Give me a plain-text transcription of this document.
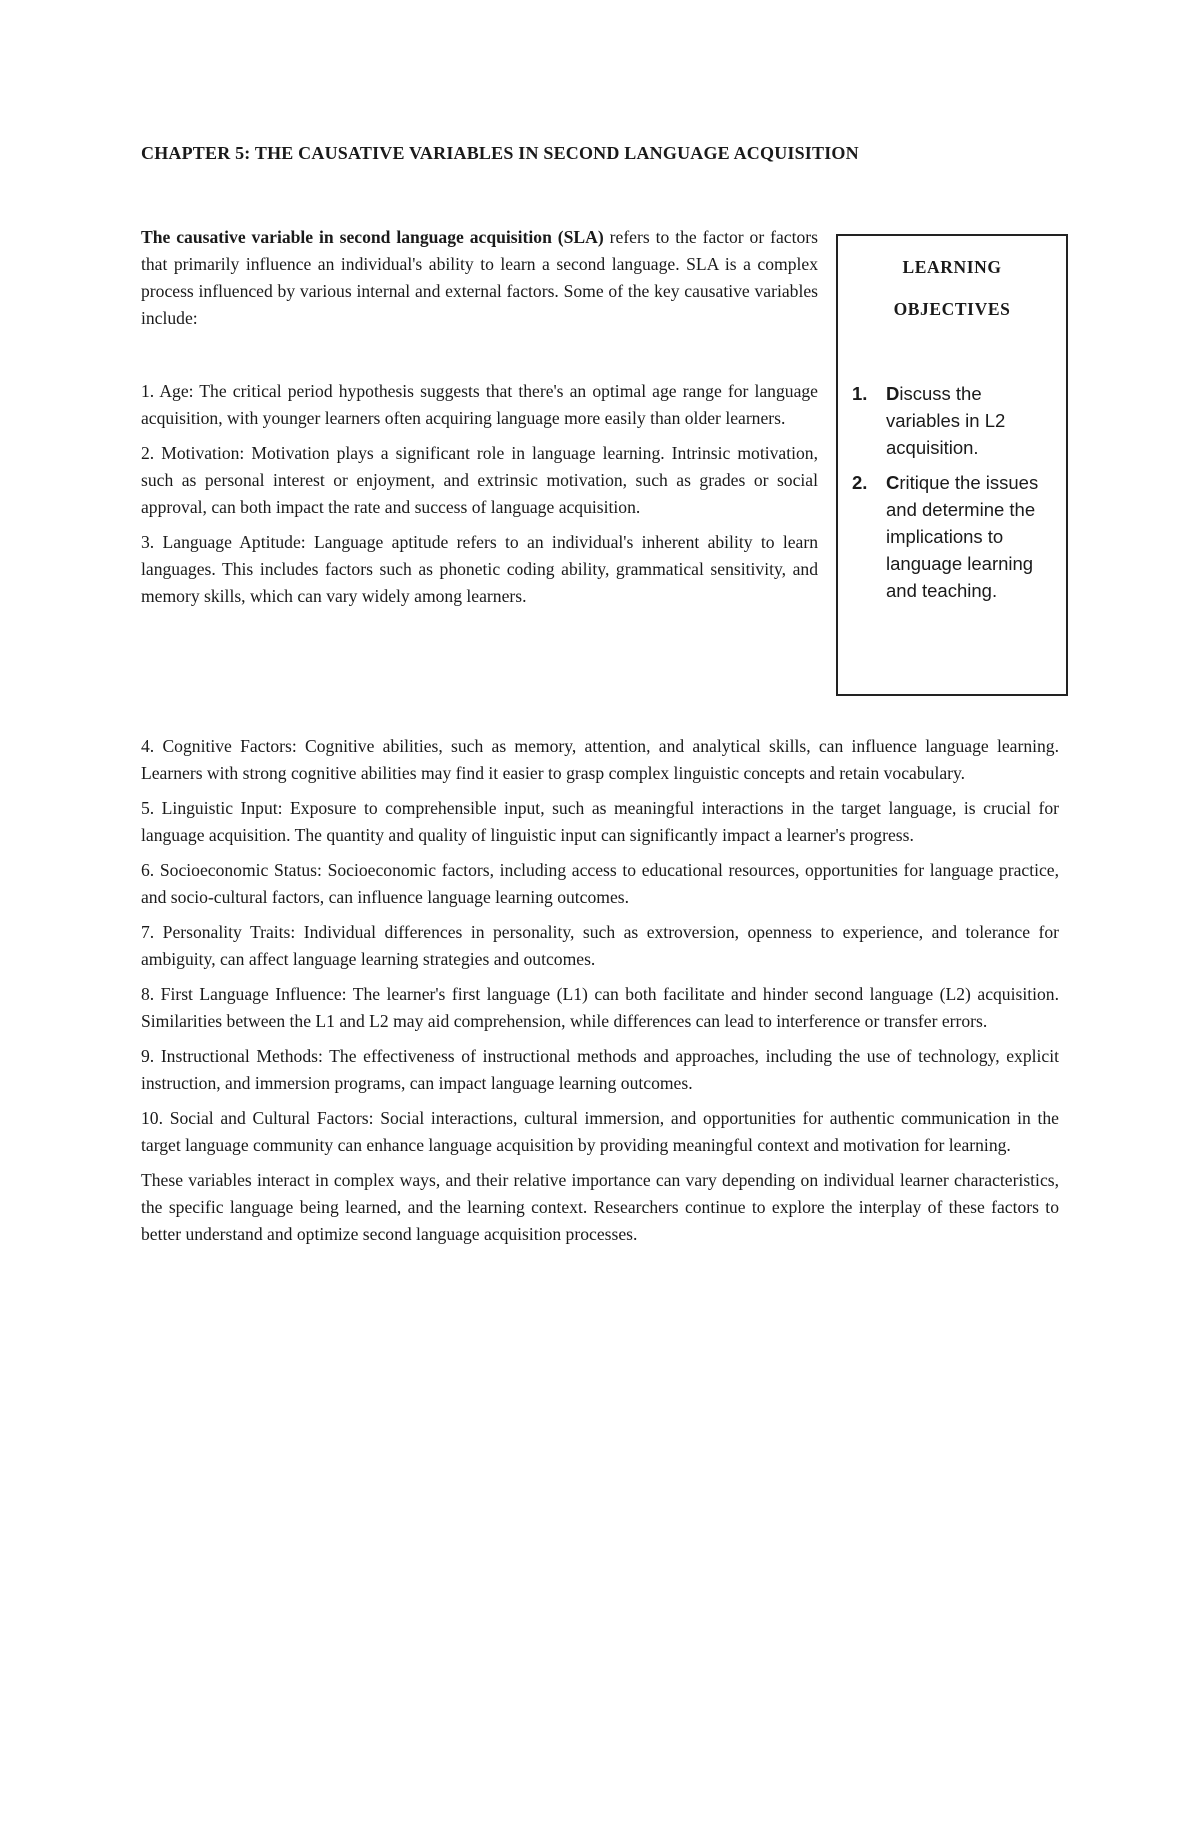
CHAPTER 5: THE CAUSATIVE VARIABLES IN SECOND LANGUAGE ACQUISITION

The causative variable in second language acquisition (SLA) refers to the factor or factors that primarily influence an individual's ability to learn a second language. SLA is a complex process influenced by various internal and external factors. Some of the key causative variables include:

1. Age: The critical period hypothesis suggests that there's an optimal age range for language acquisition, with younger learners often acquiring language more easily than older learners.

2. Motivation: Motivation plays a significant role in language learning. Intrinsic motivation, such as personal interest or enjoyment, and extrinsic motivation, such as grades or social approval, can both impact the rate and success of language acquisition.

3. Language Aptitude: Language aptitude refers to an individual's inherent ability to learn languages. This includes factors such as phonetic coding ability, grammatical sensitivity, and memory skills, which can vary widely among learners.

LEARNING
OBJECTIVES
1. Discuss the variables in L2 acquisition.
2. Critique the issues and determine the implications to language learning and teaching.

4. Cognitive Factors: Cognitive abilities, such as memory, attention, and analytical skills, can influence language learning. Learners with strong cognitive abilities may find it easier to grasp complex linguistic concepts and retain vocabulary.

5. Linguistic Input: Exposure to comprehensible input, such as meaningful interactions in the target language, is crucial for language acquisition. The quantity and quality of linguistic input can significantly impact a learner's progress.

6. Socioeconomic Status: Socioeconomic factors, including access to educational resources, opportunities for language practice, and socio-cultural factors, can influence language learning outcomes.

7. Personality Traits: Individual differences in personality, such as extroversion, openness to experience, and tolerance for ambiguity, can affect language learning strategies and outcomes.

8. First Language Influence: The learner's first language (L1) can both facilitate and hinder second language (L2) acquisition. Similarities between the L1 and L2 may aid comprehension, while differences can lead to interference or transfer errors.

9. Instructional Methods: The effectiveness of instructional methods and approaches, including the use of technology, explicit instruction, and immersion programs, can impact language learning outcomes.

10. Social and Cultural Factors: Social interactions, cultural immersion, and opportunities for authentic communication in the target language community can enhance language acquisition by providing meaningful context and motivation for learning.

These variables interact in complex ways, and their relative importance can vary depending on individual learner characteristics, the specific language being learned, and the learning context. Researchers continue to explore the interplay of these factors to better understand and optimize second language acquisition processes.
